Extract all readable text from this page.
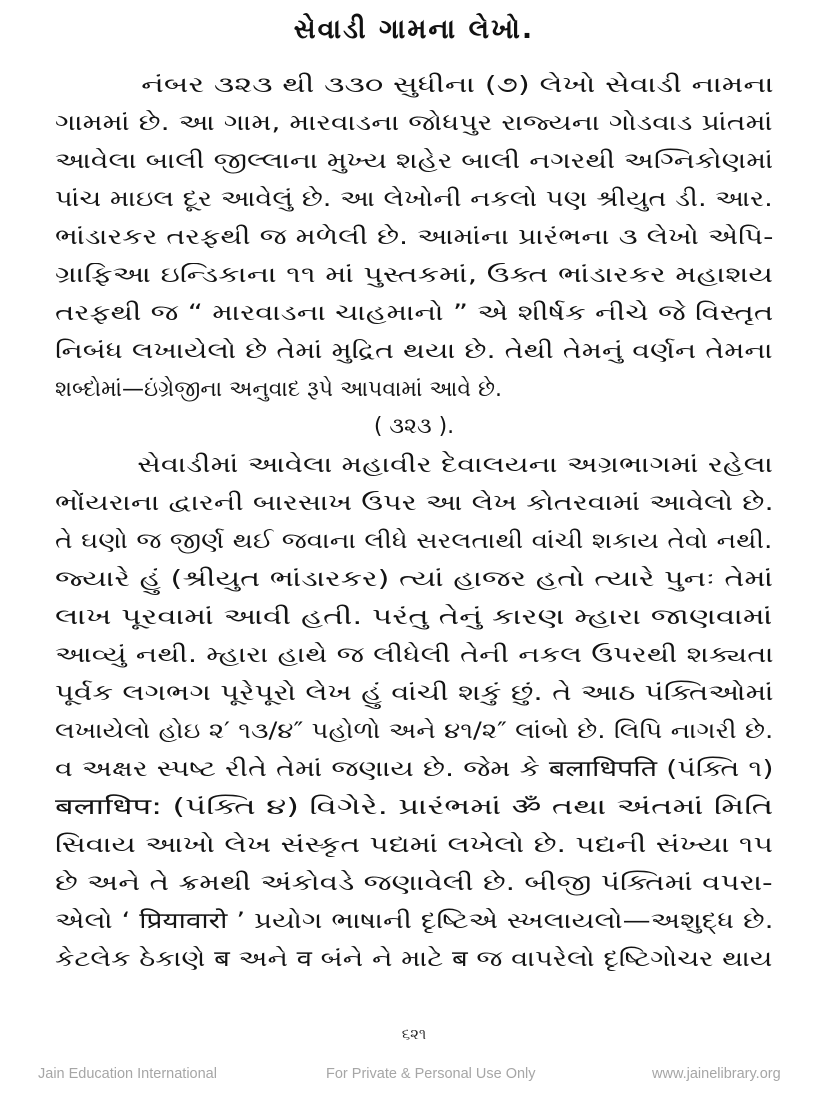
સેવાડી ગામના લેખો.
નંબર ૩૨૩ થી ૩૩૦ સુધીના (૭) લેખો સેવાડી નામના
ગામમાં છે. આ ગામ, મારવાડના જોધપુર રાજ્યના ગોડવાડ પ્રાંતમાં
આવેલા બાલી જીલ્લાના મુખ્ય શહેર બાલી નગરથી અગ્નિકોણમાં
પાંચ માઇલ દૂર આવેલું છે. આ લેખોની નકલો પણ શ્રીયુત ડી. આર.
ભાંડારકર તરફથી જ મળેલી છે. આમાંના પ્રારંભના ૩ લેખો એપિ-
ગ્રાફિઆ ઇન્ડિકાના ૧૧ માં પુસ્તકમાં, ઉક્ત ભાંડારકર મહાશય
તરફથી જ “ મારવાડના ચાહમાનો ” એ શીર્ષક નીચે જે વિસ્તૃત
નિબંધ લખાયેલો છે તેમાં મુદ્રિત થયા છે. તેથી તેમનું વર્ણન તેમના
શબ્દોમાં—ઇંગ્રેજીના અનુવાદ રૂપે આપવામાં આવે છે.
( ૩૨૩ ).
સેવાડીમાં આવેલા મહાવીર દેવાલયના અગ્રભાગમાં રહેલા
ભોંયરાના દ્વારની બારસાખ ઉપર આ લેખ કોતરવામાં આવેલો છે.
તે ઘણો જ જીર્ણ થઈ જવાના લીધે સરલતાથી વાંચી શકાય તેવો નથી.
જ્યારે હું (શ્રીયુત ભાંડારકર) ત્યાં હાજર હતો ત્યારે પુનઃ તેમાં
લાખ પૂરવામાં આવી હતી. પરંતુ તેનું કારણ મ્હારા જાણવામાં
આવ્યું નથી. મ્હારા હાથે જ લીધેલી તેની નકલ ઉપરથી શક્યતા
પૂર્વક લગભગ પૂરેપૂરો લેખ હું વાંચી શકું છું. તે આઠ પંક્તિઓમાં
લખાયેલો હોઇ ૨′ ૧૩/૪″ પહોળો અને ૪૧/૨″ લાંબો છે. લિપિ નાગરી છે.
વ અક્ષર સ્પષ્ટ રીતે તેમાં જણાય છે. જેમ કે बलाधिपति (પંક્તિ ૧)
बलाधिप: (પંક્તિ ૪) વિગેરે. પ્રારંભમાં ॐ તથા અંતમાં મિતિ
સિવાય આખો લેખ સંસ્કૃત પદ્યમાં લખેલો છે. પદ્યની સંખ્યા ૧૫
છે અને તે ક્રમથી અંકોવડે જણાવેલી છે. બીજી પંક્તિમાં વપરા-
એલો ‘ प्रियावारो ’ પ્રયોગ ભાષાની દૃષ્ટિએ સ્ખલાયલો—અશુદ્ધ છે.
કેટલેક ઠેકાણે ब અને व બંને ને માટે ब જ વાપરેલો દૃષ્ટિગોચર થાય
૬૨૧
Jain Education International	For Private & Personal Use Only	www.jainelibrary.org
